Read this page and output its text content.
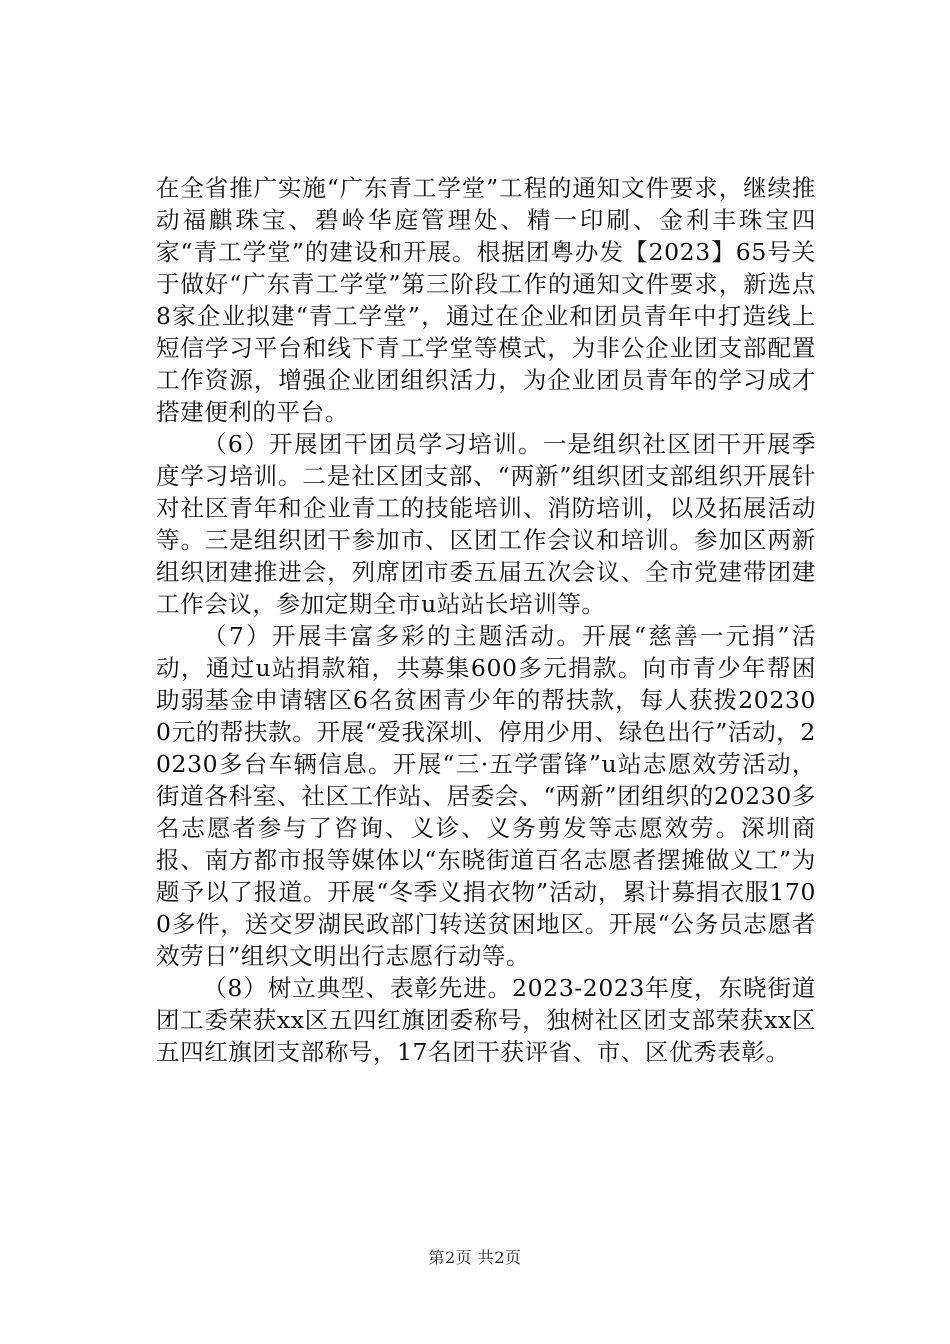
在全省推广实施“广东青工学堂”工程的通知文件要求，继续推动福麒珠宝、碧岭华庭管理处、精一印刷、金利丰珠宝四家“青工学堂”的建设和开展。根据团粤办发【2023】65号关于做好“广东青工学堂”第三阶段工作的通知文件要求，新选点8家企业拟建“青工学堂”，通过在企业和团员青年中打造线上短信学习平台和线下青工学堂等模式，为非公企业团支部配置工作资源，增强企业团组织活力，为企业团员青年的学习成才搭建便利的平台。

（6）开展团干团员学习培训。一是组织社区团干开展季度学习培训。二是社区团支部、“两新”组织团支部组织开展针对社区青年和企业青工的技能培训、消防培训，以及拓展活动等。三是组织团干参加市、区团工作会议和培训。参加区两新组织团建推进会，列席团市委五届五次会议、全市党建带团建工作会议，参加定期全市u站站长培训等。

（7）开展丰富多彩的主题活动。开展“慈善一元捐”活动，通过u站捐款箱，共募集600多元捐款。向市青少年帮困助弱基金申请辖区6名贫困青少年的帮扶款，每人获拨202300元的帮扶款。开展“爱我深圳、停用少用、绿色出行”活动，20230多台车辆信息。开展“三·五学雷锋”u站志愿效劳活动，街道各科室、社区工作站、居委会、“两新”团组织的20230多名志愿者参与了咨询、义诊、义务剪发等志愿效劳。深圳商报、南方都市报等媒体以“东晓街道百名志愿者摆摊做义工”为题予以了报道。开展“冬季义捐衣物”活动，累计募捐衣服1700多件，送交罗湖民政部门转送贫困地区。开展“公务员志愿者效劳日”组织文明出行志愿行动等。

（8）树立典型、表彰先进。2023-2023年度，东晓街道团工委荣获xx区五四红旗团委称号，独树社区团支部荣获xx区五四红旗团支部称号，17名团干获评省、市、区优秀表彰。

第2页 共2页
